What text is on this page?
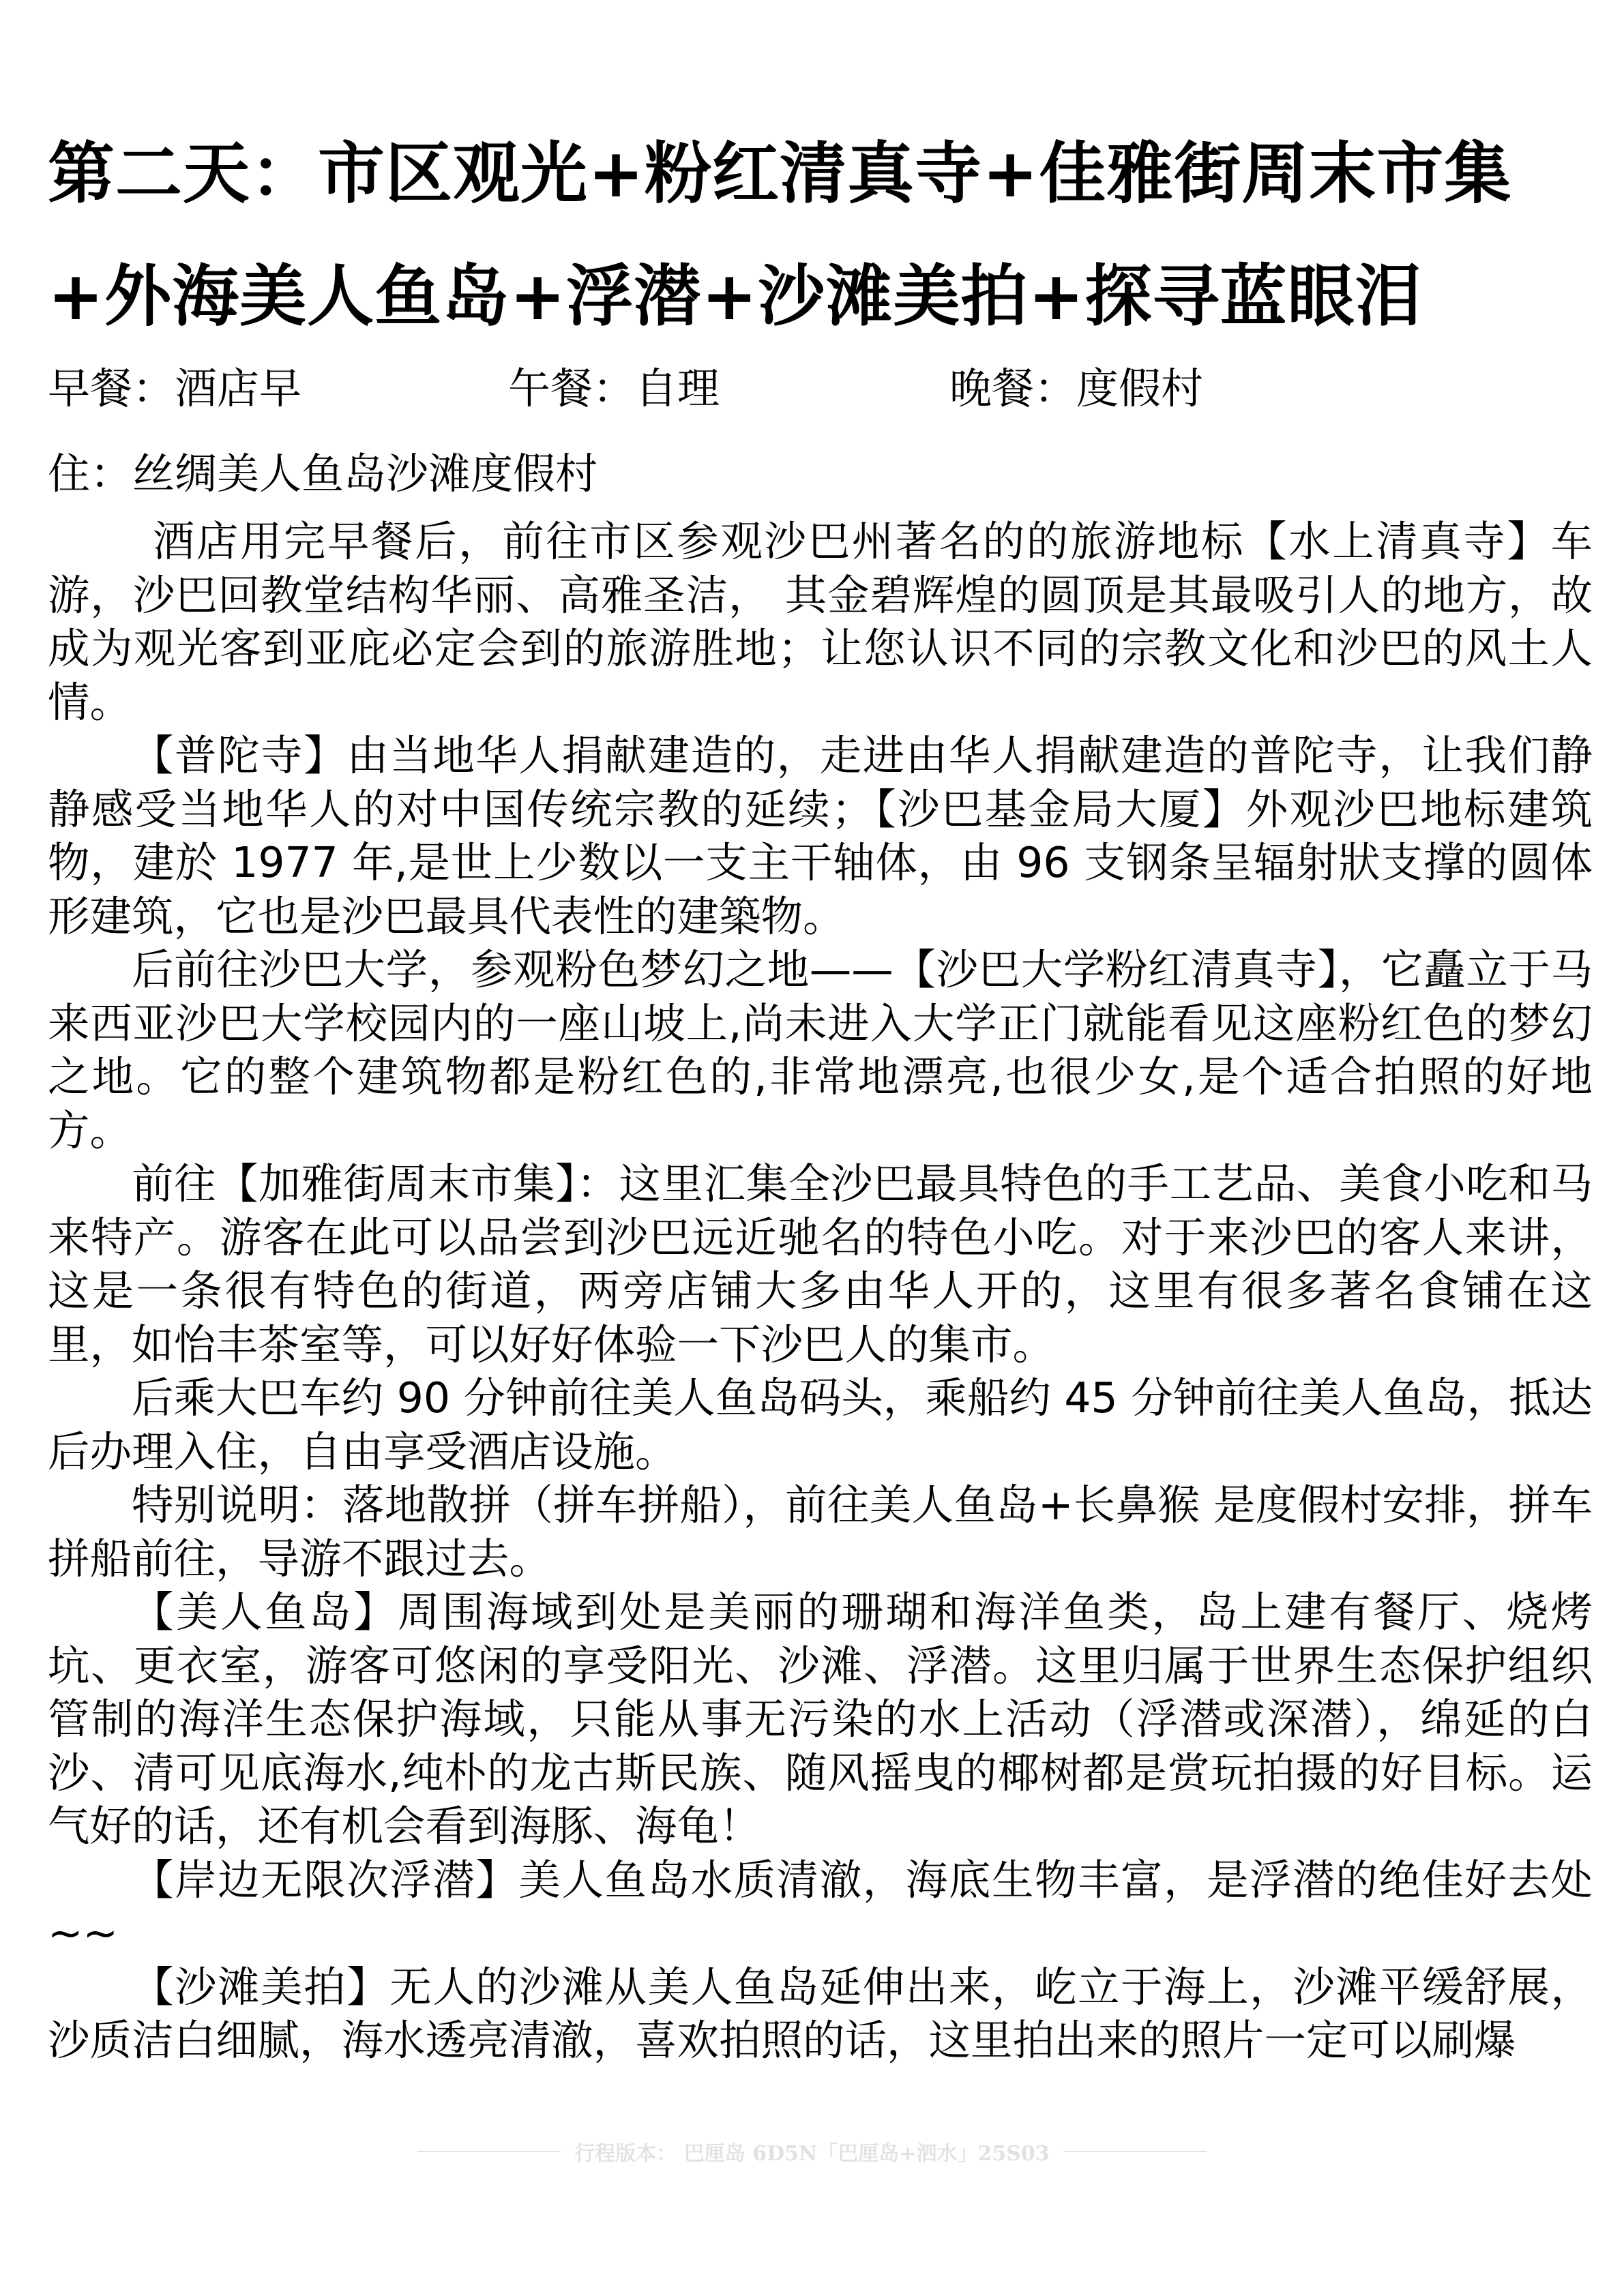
第二天：市区观光+粉红清真寺+佳雅街周末市集+外海美人鱼岛+浮潜+沙滩美拍+探寻蓝眼泪
早餐：酒店早	午餐：自理	晚餐：度假村

住：丝绸美人鱼岛沙滩度假村

酒店用完早餐后，前往市区参观沙巴州著名的的旅游地标【水上清真寺】车游，沙巴回教堂结构华丽、高雅圣洁， 其金碧辉煌的圆顶是其最吸引人的地方，故成为观光客到亚庇必定会到的旅游胜地；让您认识不同的宗教文化和沙巴的风土人情。

【普陀寺】由当地华人捐献建造的，走进由华人捐献建造的普陀寺，让我们静静感受当地华人的对中国传统宗教的延续；【沙巴基金局大厦】外观沙巴地标建筑物，建於 1977 年,是世上少数以一支主干轴体，由 96 支钢条呈辐射狀支撑的圆体形建筑，它也是沙巴最具代表性的建築物。

后前往沙巴大学，参观粉色梦幻之地——【沙巴大学粉红清真寺】，它矗立于马来西亚沙巴大学校园内的一座山坡上,尚未进入大学正门就能看见这座粉红色的梦幻之地。它的整个建筑物都是粉红色的,非常地漂亮,也很少女,是个适合拍照的好地方。

前往【加雅街周末市集】：这里汇集全沙巴最具特色的手工艺品、美食小吃和马来特产。游客在此可以品尝到沙巴远近驰名的特色小吃。对于来沙巴的客人来讲，这是一条很有特色的街道，两旁店铺大多由华人开的，这里有很多著名食铺在这里，如怡丰茶室等，可以好好体验一下沙巴人的集市。

后乘大巴车约 90 分钟前往美人鱼岛码头，乘船约 45 分钟前往美人鱼岛，抵达后办理入住，自由享受酒店设施。

特别说明：落地散拼（拼车拼船），前往美人鱼岛+长鼻猴 是度假村安排，拼车拼船前往，导游不跟过去。

【美人鱼岛】周围海域到处是美丽的珊瑚和海洋鱼类，岛上建有餐厅、烧烤坑、更衣室，游客可悠闲的享受阳光、沙滩、浮潜。这里归属于世界生态保护组织管制的海洋生态保护海域，只能从事无污染的水上活动（浮潜或深潜），绵延的白沙、清可见底海水,纯朴的龙古斯民族、随风摇曳的椰树都是赏玩拍摄的好目标。运气好的话，还有机会看到海豚、海龟！

【岸边无限次浮潜】美人鱼岛水质清澈，海底生物丰富，是浮潜的绝佳好去处~~

【沙滩美拍】无人的沙滩从美人鱼岛延伸出来，屹立于海上，沙滩平缓舒展，沙质洁白细腻，海水透亮清澈，喜欢拍照的话，这里拍出来的照片一定可以刷爆

行程版本： 巴厘岛 6D5N「巴厘岛+泗水」25S03
